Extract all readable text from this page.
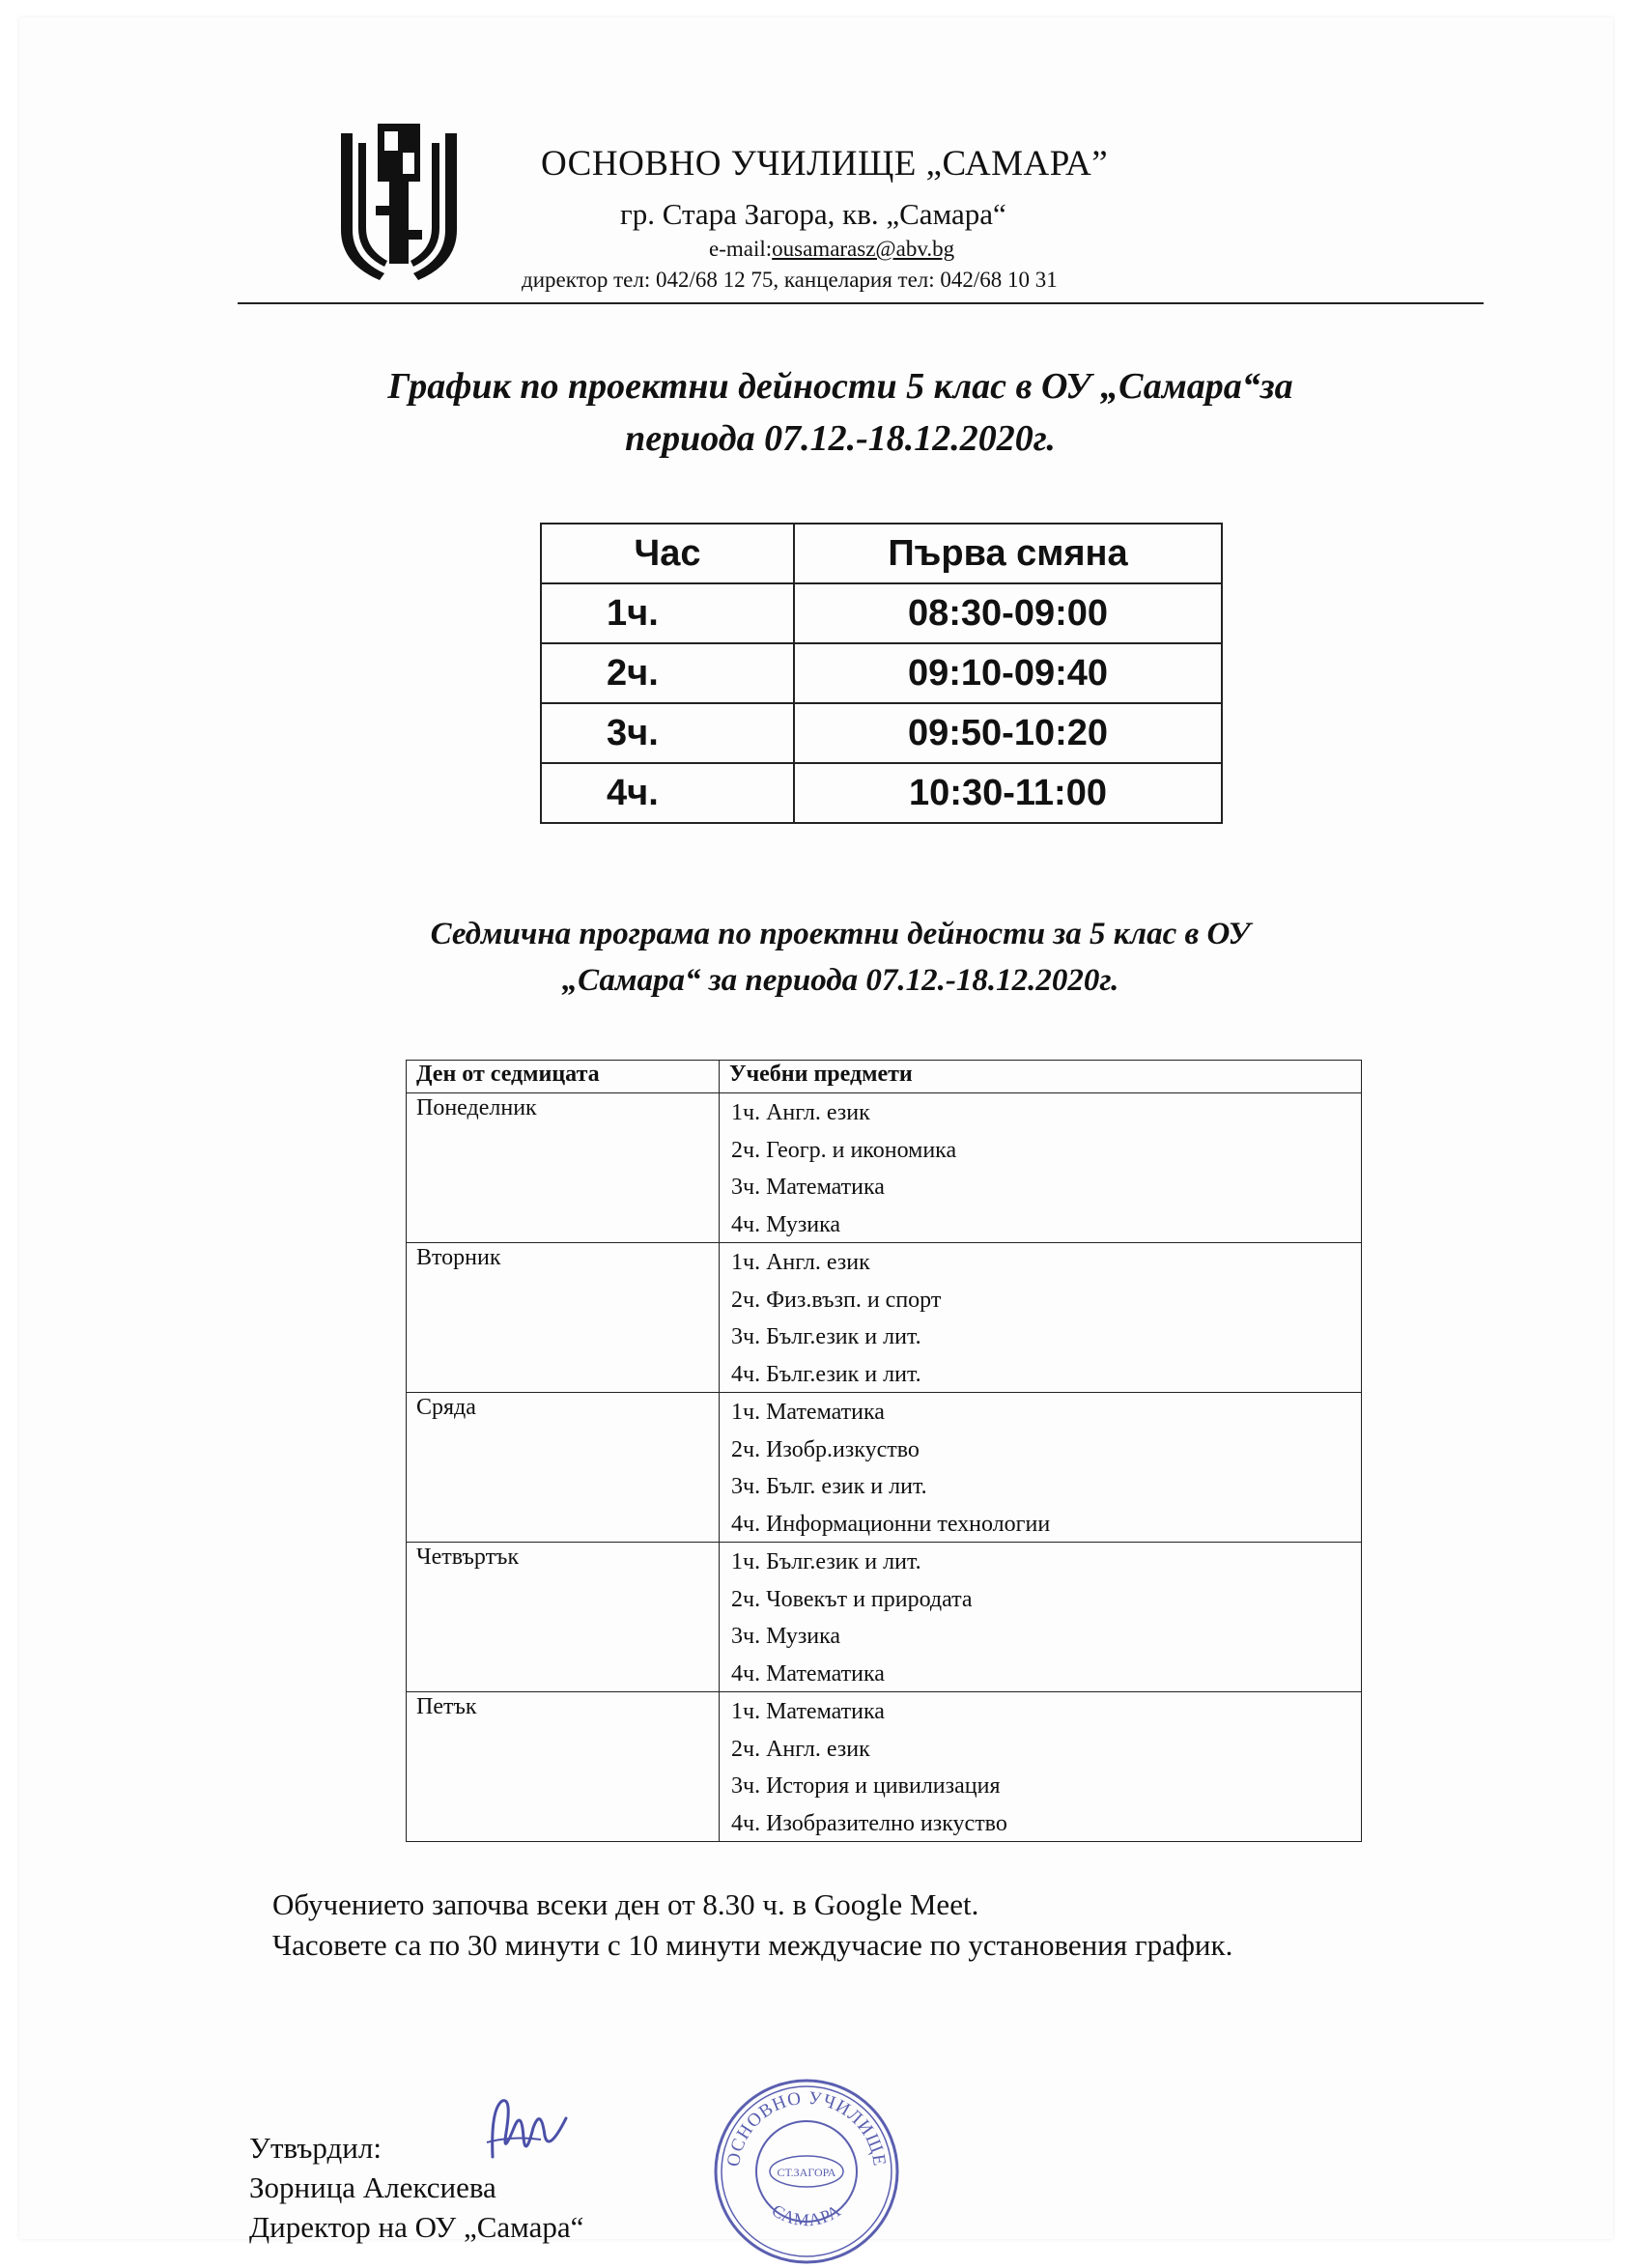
ОСНОВНО УЧИЛИЩЕ „САМАРА”
гр. Стара Загора, кв. „Самара“
e-mail:ousamarasz@abv.bg
директор тел: 042/68 12 75, канцелария тел: 042/68 10 31
График по проектни дейности 5 клас в ОУ „Самара“за
периода 07.12.-18.12.2020г.
Час	Първа смяна
1ч.	08:30-09:00
2ч.	09:10-09:40
3ч.	09:50-10:20
4ч.	10:30-11:00
Седмична програма по проектни дейности за 5 клас в ОУ
„Самара“ за периода 07.12.-18.12.2020г.
Ден от седмицата	Учебни предмети
Понеделник	1ч. Англ. език
2ч. Геогр. и икономика
3ч. Математика
4ч. Музика

Вторник	1ч. Англ. език
2ч. Физ.възп. и спорт
3ч. Бълг.език и лит.
4ч. Бълг.език и лит.

Сряда	1ч. Математика
2ч. Изобр.изкуство
3ч. Бълг. език и лит.
4ч. Информационни технологии

Четвъртък	1ч. Бълг.език и лит.
2ч. Човекът и природата
3ч. Музика
4ч. Математика

Петък	1ч. Математика
2ч. Англ. език
3ч. История и цивилизация
4ч. Изобразително изкуство
Обучението започва всеки ден от 8.30 ч. в Google Meet.
Часовете са по 30 минути с 10 минути междучасие по установения график.
Утвърдил:
Зорница Алексиева
Директор на ОУ „Самара“
ОСНОВНО УЧИЛИЩЕ
СТ.ЗАГОРА
САМАРА
